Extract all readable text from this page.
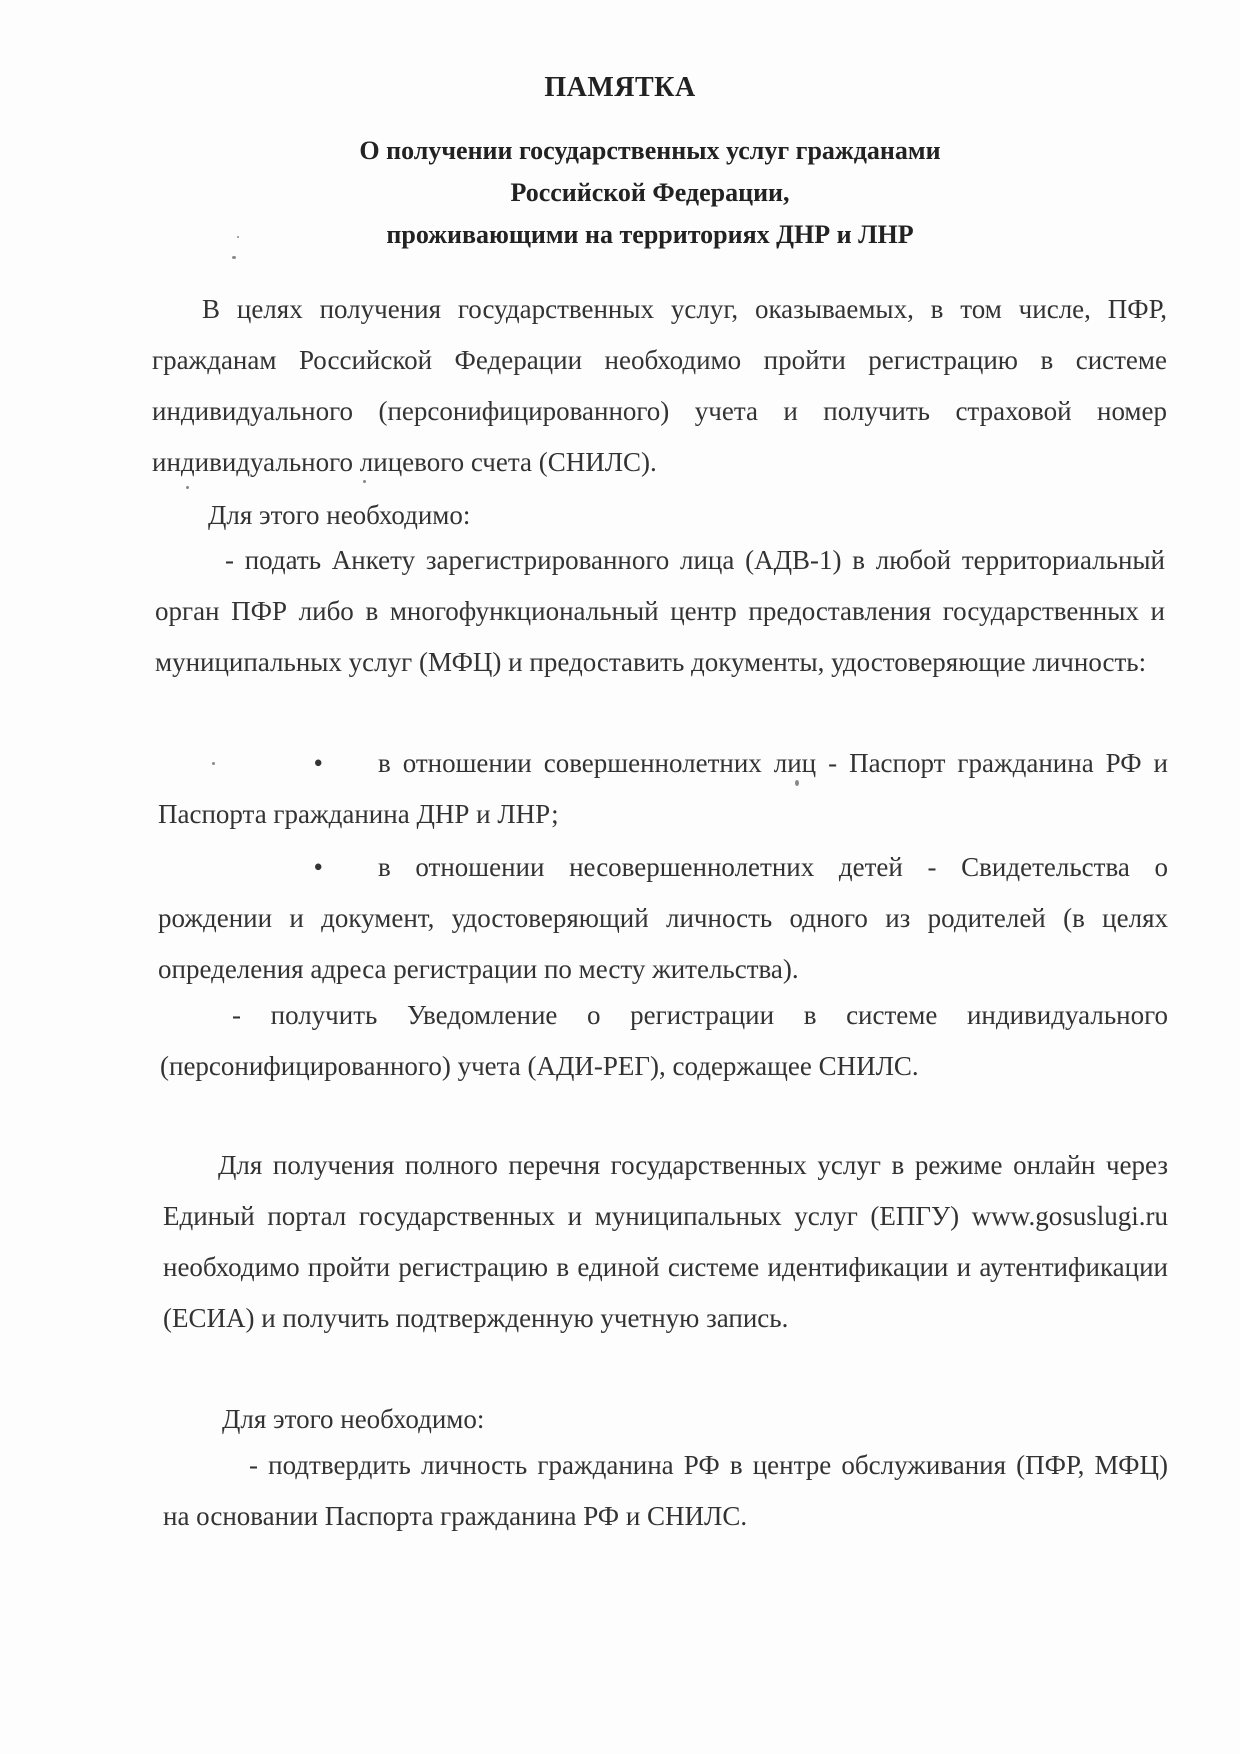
ПАМЯТКА
О получении государственных услуг гражданами
Российской Федерации,
проживающими на территориях ДНР и ЛНР
В целях получения государственных услуг, оказываемых, в том числе, ПФР, гражданам Российской Федерации необходимо пройти регистрацию в системе индивидуального (персонифицированного) учета и получить страховой номер индивидуального лицевого счета (СНИЛС).
Для этого необходимо:
- подать Анкету зарегистрированного лица (АДВ-1) в любой территориальный орган ПФР либо в многофункциональный центр предоставления государственных и муниципальных услуг (МФЦ) и предоставить документы, удостоверяющие личность:
• в отношении совершеннолетних лиц - Паспорт гражданина РФ и Паспорта гражданина ДНР и ЛНР;
• в отношении несовершеннолетних детей - Свидетельства о рождении и документ, удостоверяющий личность одного из родителей (в целях определения адреса регистрации по месту жительства).
- получить Уведомление о регистрации в системе индивидуального (персонифицированного) учета (АДИ-РЕГ), содержащее СНИЛС.
Для получения полного перечня государственных услуг в режиме онлайн через Единый портал государственных и муниципальных услуг (ЕПГУ) www.gosuslugi.ru необходимо пройти регистрацию в единой системе идентификации и аутентификации (ЕСИА) и получить подтвержденную учетную запись.
Для этого необходимо:
- подтвердить личность гражданина РФ в центре обслуживания (ПФР, МФЦ) на основании Паспорта гражданина РФ и СНИЛС.
